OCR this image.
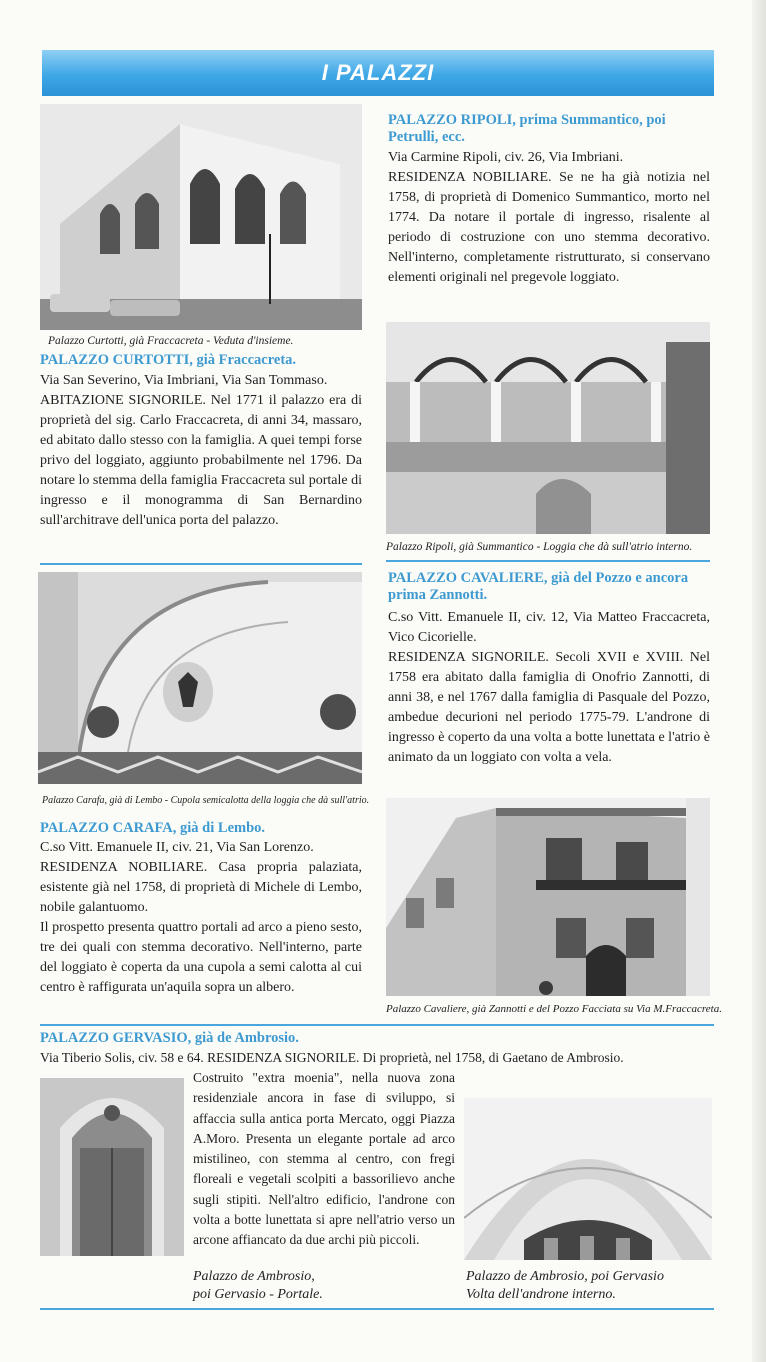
I PALAZZI
Palazzo Curtotti, già Fraccacreta - Veduta d'insieme.
PALAZZO CURTOTTI, già Fraccacreta.

Via San Severino, Via Imbriani, Via San Tommaso.

ABITAZIONE SIGNORILE. Nel 1771 il palazzo era di proprietà del sig. Carlo Fraccacreta, di anni 34, massaro, ed abitato dallo stesso con la famiglia. A quei tempi forse privo del loggiato, aggiunto probabilmente nel 1796. Da notare lo stemma della famiglia Fraccacreta sul portale di ingresso e il monogramma di San Bernardino sull'architrave dell'unica porta del palazzo.

PALAZZO RIPOLI, prima Summantico, poi Petrulli, ecc.

Via Carmine Ripoli, civ. 26, Via Imbriani.

RESIDENZA NOBILIARE. Se ne ha già notizia nel 1758, di proprietà di Domenico Summantico, morto nel 1774. Da notare il portale di ingresso, risalente al periodo di costruzione con uno stemma decorativo. Nell'interno, completamente ristrutturato, si conservano elementi originali nel pregevole loggiato.

Palazzo Ripoli, già Summantico - Loggia che dà sull'atrio interno.
Palazzo Carafa, già di Lembo - Cupola semicalotta della loggia che dà sull'atrio.
PALAZZO CARAFA, già di Lembo.

C.so Vitt. Emanuele II, civ. 21, Via San Lorenzo.

RESIDENZA NOBILIARE. Casa propria palaziata, esistente già nel 1758, di proprietà di Michele di Lembo, nobile galantuomo.

Il prospetto presenta quattro portali ad arco a pieno sesto, tre dei quali con stemma decorativo. Nell'interno, parte del loggiato è coperta da una cupola a semi calotta al cui centro è raffigurata un'aquila sopra un albero.

PALAZZO CAVALIERE, già del Pozzo e ancora prima Zannotti.

C.so Vitt. Emanuele II, civ. 12, Via Matteo Fraccacreta, Vico Cicorielle.

RESIDENZA SIGNORILE. Secoli XVII e XVIII. Nel 1758 era abitato dalla famiglia di Onofrio Zannotti, di anni 38, e nel 1767 dalla famiglia di Pasquale del Pozzo, ambedue decurioni nel periodo 1775-79. L'androne di ingresso è coperto da una volta a botte lunettata e l'atrio è animato da un loggiato con volta a vela.

Palazzo Cavaliere, già Zannotti e del Pozzo Facciata su Via M.Fraccacreta.
PALAZZO GERVASIO, già de Ambrosio.
Via Tiberio Solis, civ. 58 e 64. RESIDENZA SIGNORILE. Di proprietà, nel 1758, di Gaetano de Ambrosio.
Costruito "extra moenia", nella nuova zona residenziale ancora in fase di sviluppo, si affaccia sulla antica porta Mercato, oggi Piazza A.Moro. Presenta un elegante portale ad arco mistilineo, con stemma al centro, con fregi floreali e vegetali scolpiti a bassorilievo anche sugli stipiti. Nell'altro edificio, l'androne con volta a botte lunettata si apre nell'atrio verso un arcone affiancato da due archi più piccoli.
Palazzo de Ambrosio,
poi Gervasio - Portale.
Palazzo de Ambrosio, poi Gervasio
Volta dell'androne interno.
